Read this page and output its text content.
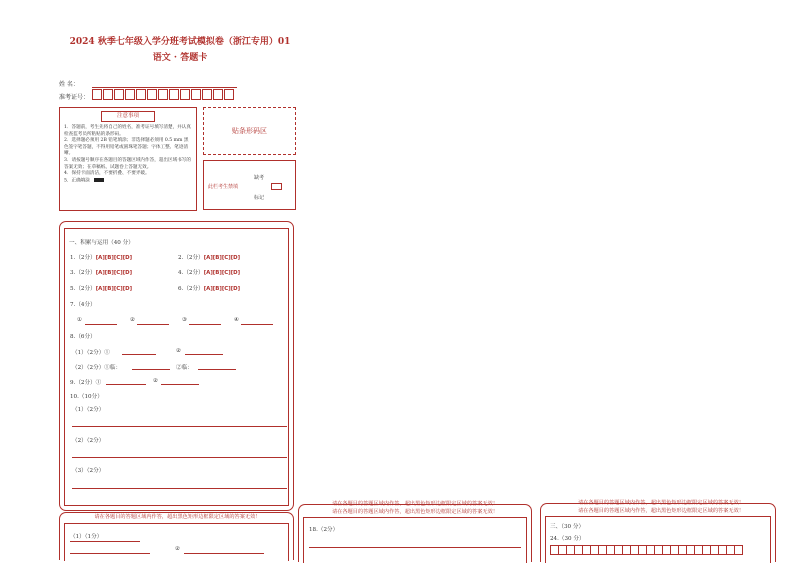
2024 秋季七年级入学分班考试模拟卷（浙江专用）01
语文 · 答题卡
姓 名：
准考证号：
注意事项
1．答题前，考生先将自己的姓名，准考证号填写清楚，并认真检查监考员所粘贴的条形码。
2．选择题必须用 2B 铅笔填涂；非选择题必须用 0.5 mm 黑色签字笔答题，不得用铅笔或圆珠笔答题；字体工整、笔迹清晰。
3．请按题号顺序在各题目的答题区域内作答，超出区域书写的答案无效；在草稿纸、试题卷上答题无效。
4．保持卡面清洁，不要折叠、不要弄破。
5．正确填涂
贴条形码区
缺考
此栏考生禁填
标记
一、积累与运用（40 分）
1.（2分）[A][B][C][D]	2.（2分）[A][B][C][D]
3.（2分）[A][B][C][D]	4.（2分）[A][B][C][D]
5.（2分）[A][B][C][D]	6.（2分）[A][B][C][D]
7.（4分）
①	②	③	④
8.（6分）
（1）（2分）①	②
（2）（2分）①临：	②临：
9.（2分）①	②
10.（10分）
（1）（2分）
（2）（2分）
（3）（2分）
请在各题目的答题区域内作答，超出黑色矩形边框限定区域的答案无效！
（1）（1分）
②
请在各题目的答题区域内作答，超出黑色矩形边框限定区域的答案无效！
请在各题目的答题区域内作答，超出黑色矩形边框限定区域的答案无效！
18.（2分）
请在各题目的答题区域内作答，超出黑色矩形边框限定区域的答案无效！
请在各题目的答题区域内作答，超出黑色矩形边框限定区域的答案无效！
三、（30 分）
24.（30 分）
